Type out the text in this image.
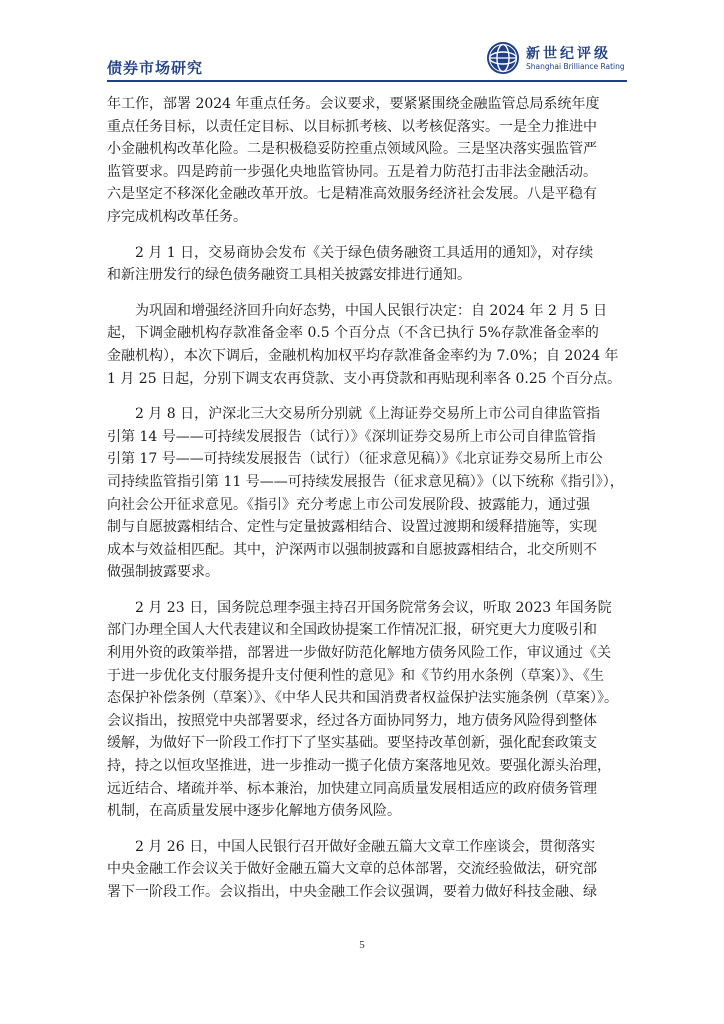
债券市场研究
新世纪评级
Shanghai Brilliance Rating

年工作，部署 2024 年重点任务。会议要求，要紧紧围绕金融监管总局系统年度
重点任务目标，以责任定目标、以目标抓考核、以考核促落实。一是全力推进中
小金融机构改革化险。二是积极稳妥防控重点领域风险。三是坚决落实强监管严
监管要求。四是跨前一步强化央地监管协同。五是着力防范打击非法金融活动。
六是坚定不移深化金融改革开放。七是精准高效服务经济社会发展。八是平稳有
序完成机构改革任务。

2 月 1 日，交易商协会发布《关于绿色债务融资工具适用的通知》，对存续
和新注册发行的绿色债务融资工具相关披露安排进行通知。

为巩固和增强经济回升向好态势，中国人民银行决定：自 2024 年 2 月 5 日
起，下调金融机构存款准备金率 0.5 个百分点（不含已执行 5%存款准备金率的
金融机构），本次下调后，金融机构加权平均存款准备金率约为 7.0%；自 2024 年
1 月 25 日起，分别下调支农再贷款、支小再贷款和再贴现利率各 0.25 个百分点。

2 月 8 日，沪深北三大交易所分别就《上海证券交易所上市公司自律监管指
引第 14 号——可持续发展报告（试行）》《深圳证券交易所上市公司自律监管指
引第 17 号——可持续发展报告（试行）（征求意见稿）》《北京证券交易所上市公
司持续监管指引第 11 号——可持续发展报告（征求意见稿）》（以下统称《指引》），
向社会公开征求意见。《指引》充分考虑上市公司发展阶段、披露能力，通过强
制与自愿披露相结合、定性与定量披露相结合、设置过渡期和缓释措施等，实现
成本与效益相匹配。其中，沪深两市以强制披露和自愿披露相结合，北交所则不
做强制披露要求。

2 月 23 日，国务院总理李强主持召开国务院常务会议，听取 2023 年国务院
部门办理全国人大代表建议和全国政协提案工作情况汇报，研究更大力度吸引和
利用外资的政策举措，部署进一步做好防范化解地方债务风险工作，审议通过《关
于进一步优化支付服务提升支付便利性的意见》和《节约用水条例（草案）》、《生
态保护补偿条例（草案）》、《中华人民共和国消费者权益保护法实施条例（草案）》。
会议指出，按照党中央部署要求，经过各方面协同努力，地方债务风险得到整体
缓解，为做好下一阶段工作打下了坚实基础。要坚持改革创新，强化配套政策支
持，持之以恒攻坚推进，进一步推动一揽子化债方案落地见效。要强化源头治理，
远近结合、堵疏并举、标本兼治，加快建立同高质量发展相适应的政府债务管理
机制，在高质量发展中逐步化解地方债务风险。

2 月 26 日，中国人民银行召开做好金融五篇大文章工作座谈会，贯彻落实
中央金融工作会议关于做好金融五篇大文章的总体部署，交流经验做法，研究部
署下一阶段工作。会议指出，中央金融工作会议强调，要着力做好科技金融、绿

5
